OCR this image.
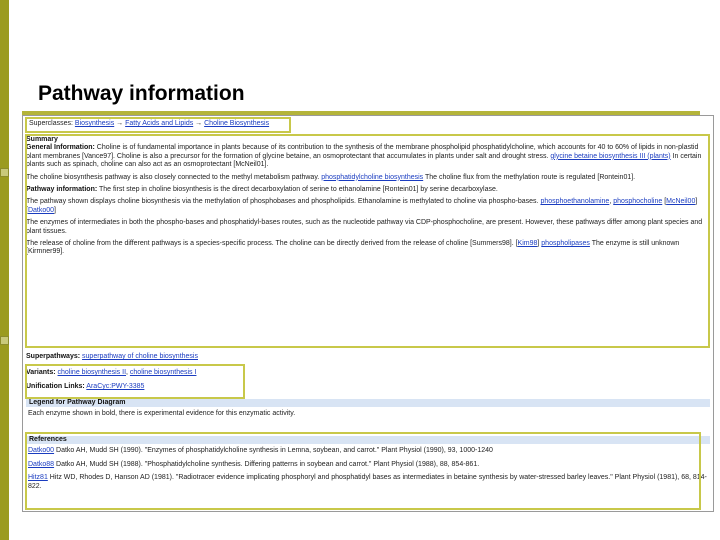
Pathway information
Superclasses: Biosynthesis → Fatty Acids and Lipids → Choline Biosynthesis
Summary

General Information: Choline is of fundamental importance in plants because of its contribution to the synthesis of the membrane phospholipid phosphatidylcholine, which accounts for 40 to 60% of lipids in non-plastid plant membranes [Vance97]. Choline is also a precursor for the formation of glycine betaine, an osmoprotectant that accumulates in plants under salt and drought stress. glycine betaine biosynthesis III (plants) In certain plants such as spinach, choline can also act as an osmoprotectant [McNeil01].

The choline biosynthesis pathway is also closely connected to the methyl metabolism pathway. phosphatidylcholine biosynthesis The choline flux from the methylation route is regulated [Rontein01].

Pathway information: The first step in choline biosynthesis is the direct decarboxylation of serine to ethanolamine [Rontein01] by serine decarboxylase.

The pathway shown displays choline biosynthesis via the methylation of phosphobases and phospholipids. Ethanolamine is methylated to choline via phospho-bases. phosphoethanolamine, phosphocholine [McNeil00] [Datko00]

The enzymes of intermediates in both the phospho-bases and phosphatidyl-bases routes, such as the nucleotide pathway via CDP-phosphocholine, are present. However, these pathways differ among plant species and plant tissues.

The release of choline from the different pathways is a species-specific process. The choline can be directly derived from the release of choline [Summers98]. [Kim98] phospholipases The enzyme is still unknown [Kirmner99].

Superpathways: superpathway of choline biosynthesis
Variants: choline biosynthesis II, choline biosynthesis I
Unification Links: AraCyc:PWY-3385
Legend for Pathway Diagram
Each enzyme shown in bold, there is experimental evidence for this enzymatic activity.
References
Datko00 Datko AH, Mudd SH (1990). "Enzymes of phosphatidylcholine synthesis in Lemna, soybean, and carrot." Plant Physiol (1990), 93, 1000-1240
Datko88 Datko AH, Mudd SH (1988). "Phosphatidylcholine synthesis. Differing patterns in soybean and carrot." Plant Physiol (1988), 88, 854-861.
Hitz81 Hitz WD, Rhodes D, Hanson AD (1981). "Radiotracer evidence implicating phosphoryl and phosphatidyl bases as intermediates in betaine synthesis by water-stressed barley leaves." Plant Physiol (1981), 68, 814-822.
